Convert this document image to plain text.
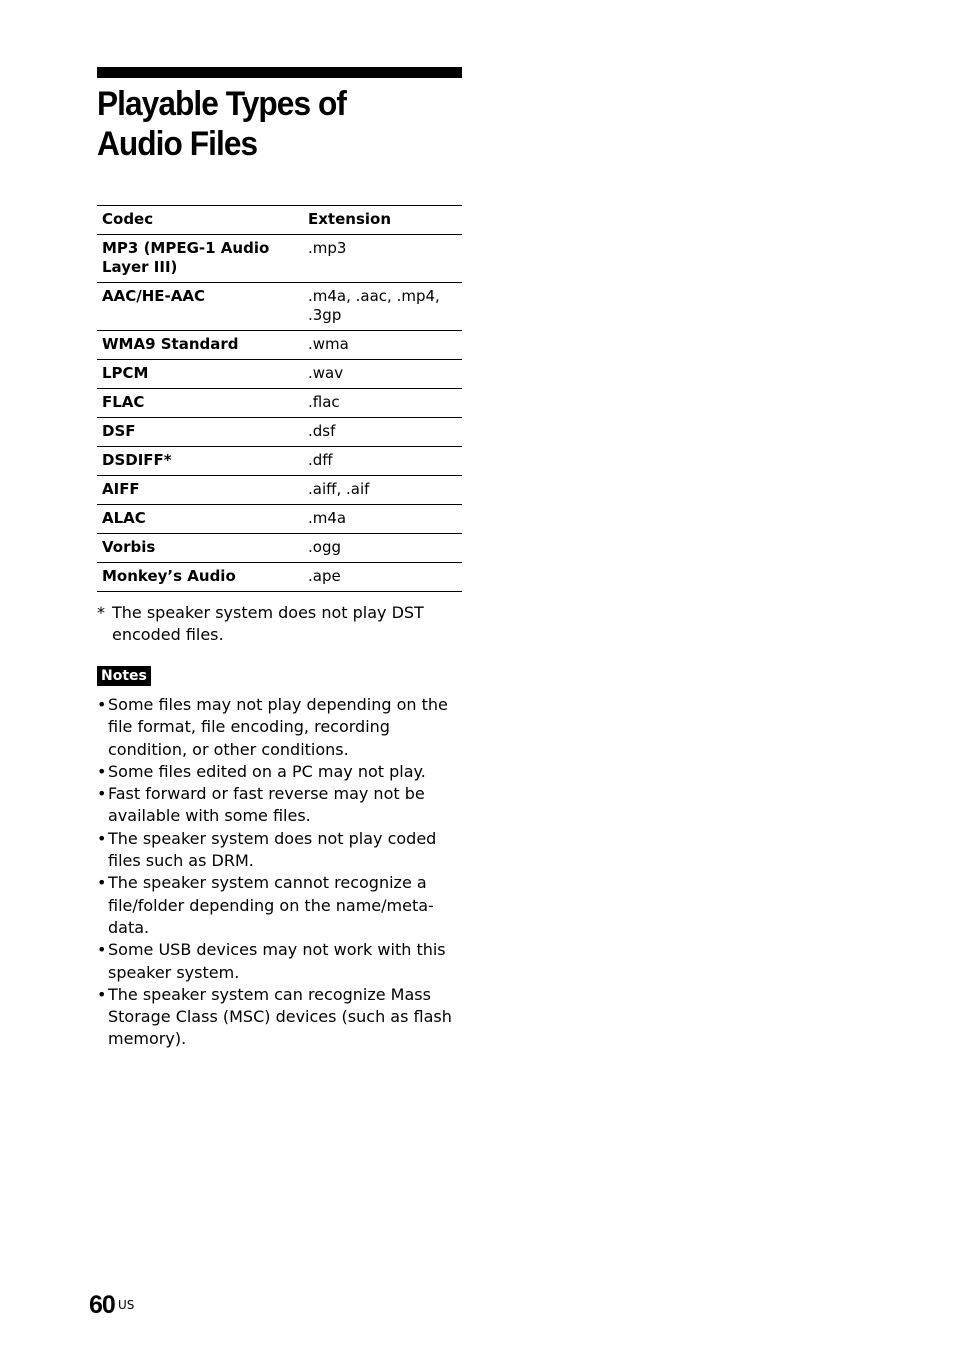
Playable Types of Audio Files
Codec	Extension
MP3 (MPEG-1 Audio Layer III)	.mp3
AAC/HE-AAC	.m4a, .aac, .mp4, .3gp
WMA9 Standard	.wma
LPCM	.wav
FLAC	.flac
DSF	.dsf
DSDIFF*	.dff
AIFF	.aiff, .aif
ALAC	.m4a
Vorbis	.ogg
Monkey’s Audio	.ape
* The speaker system does not play DST encoded files.
Notes
• Some files may not play depending on the file format, file encoding, recording condition, or other conditions.
• Some files edited on a PC may not play.
• Fast forward or fast reverse may not be available with some files.
• The speaker system does not play coded files such as DRM.
• The speaker system cannot recognize a file/folder depending on the name/meta-data.
• Some USB devices may not work with this speaker system.
• The speaker system can recognize Mass Storage Class (MSC) devices (such as flash memory).
60 US
